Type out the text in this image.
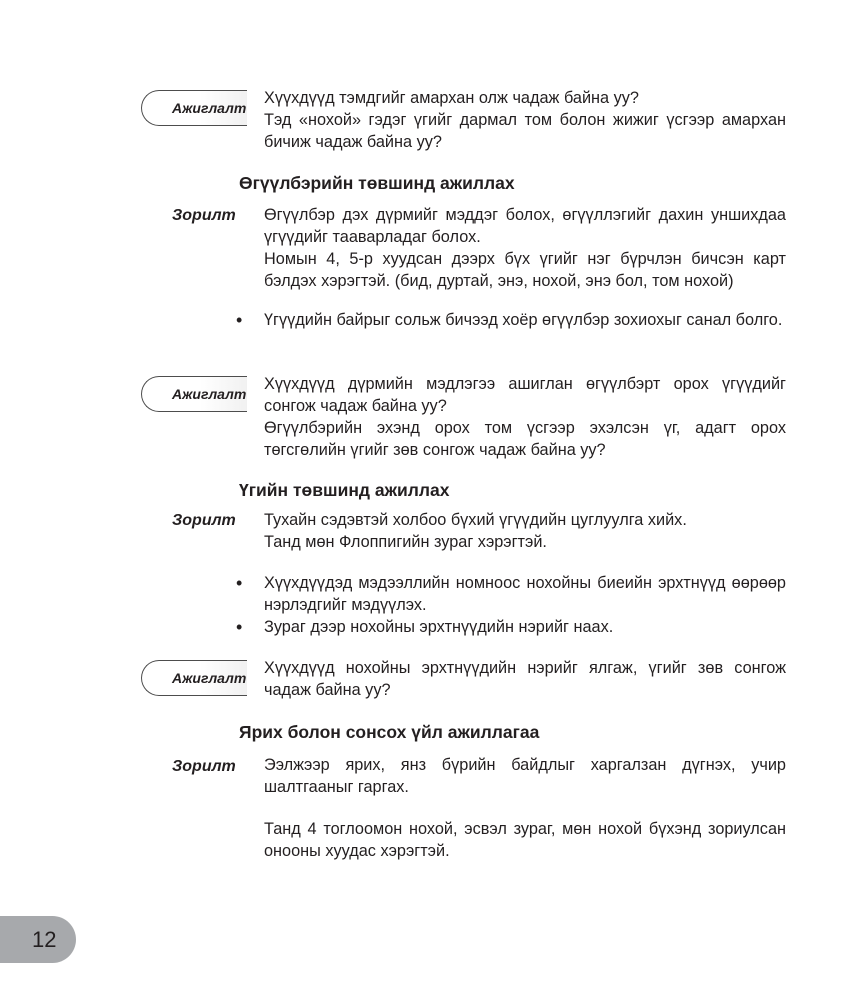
Ажиглалт

Хүүхдүүд тэмдгийг амархан олж чадаж байна уу?

Тэд «нохой» гэдэг үгийг дармал том болон жижиг үсгээр амархан бичиж чадаж байна уу?

Өгүүлбэрийн төвшинд ажиллах
Зорилт Өгүүлбэр дэх дүрмийг мэддэг болох, өгүүллэгийг дахин уншихдаа үгүүдийг тааварладаг болох.

Номын 4, 5-р хуудсан дээрх бүх үгийг нэг бүрчлэн бичсэн карт бэлдэх хэрэгтэй. (бид, дуртай, энэ, нохой, энэ бол, том нохой)

• Үгүүдийн байрыг сольж бичээд хоёр өгүүлбэр зохиохыг санал болго.
Ажиглалт

Хүүхдүүд дүрмийн мэдлэгээ ашиглан өгүүлбэрт орох үгүүдийг сонгож чадаж байна уу?

Өгүүлбэрийн эхэнд орох том үсгээр эхэлсэн үг, адагт орох төгсгөлийн үгийг зөв сонгож чадаж байна уу?

Үгийн төвшинд ажиллах
Зорилт Тухайн сэдэвтэй холбоо бүхий үгүүдийн цуглуулга хийх.

Танд мөн Флоппигийн зураг хэрэгтэй.

• Хүүхдүүдэд мэдээллийн номноос нохойны биеийн эрхтнүүд өөрөөр нэрлэдгийг мэдүүлэх.
• Зураг дээр нохойны эрхтнүүдийн нэрийг наах.
Ажиглалт

Хүүхдүүд нохойны эрхтнүүдийн нэрийг ялгаж, үгийг зөв сонгож чадаж байна уу?

Ярих болон сонсох үйл ажиллагаа
Зорилт Ээлжээр ярих, янз бүрийн байдлыг харгалзан дүгнэх, учир шалтгааныг гаргах.

Танд 4 тоглоомон нохой, эсвэл зураг, мөн нохой бүхэнд зориулсан онооны хуудас хэрэгтэй.

12
